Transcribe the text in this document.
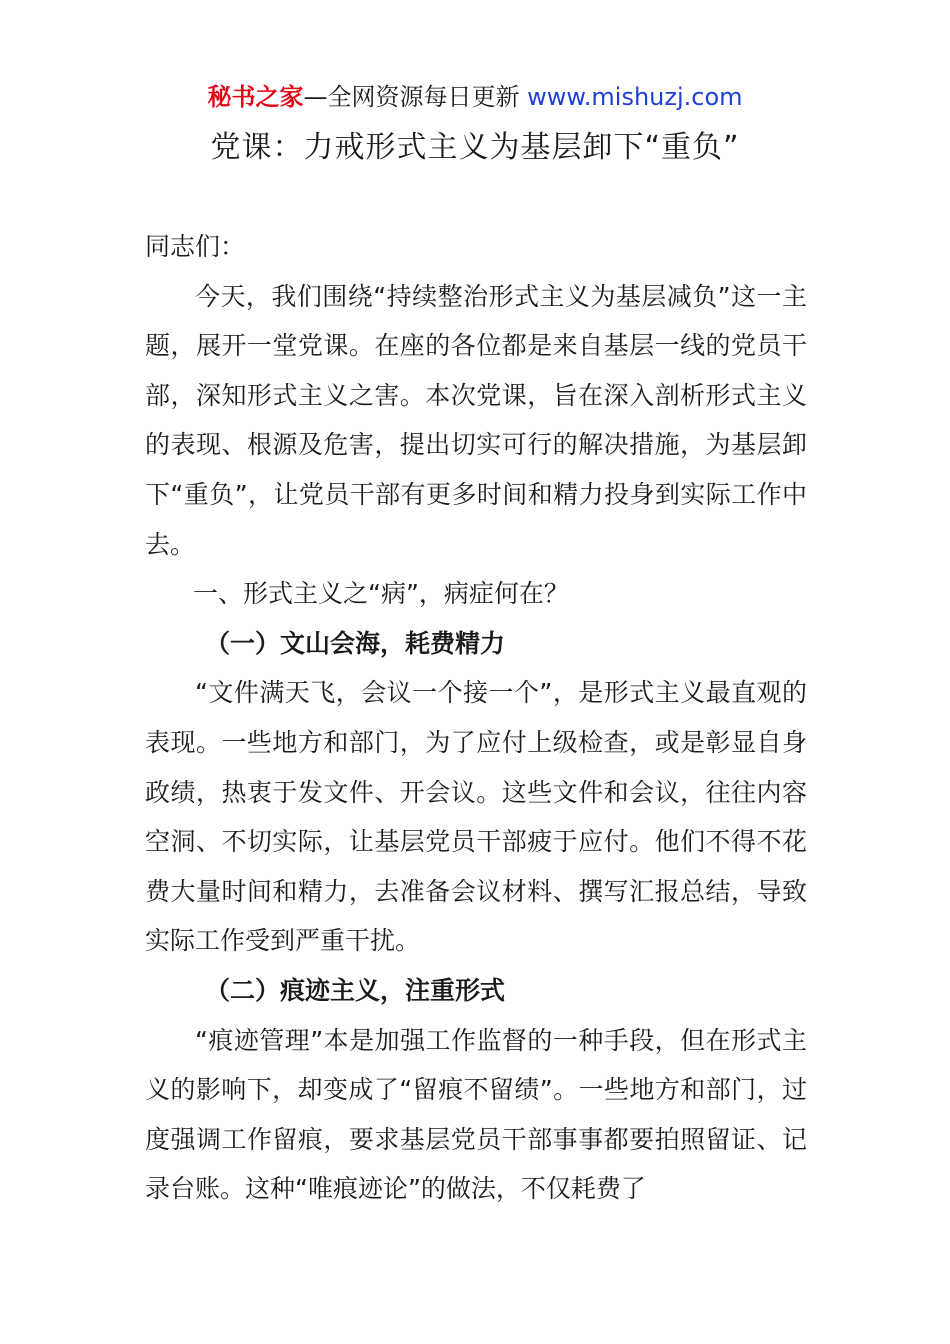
秘书之家—全网资源每日更新 www.mishuzj.com
党课：力戒形式主义为基层卸下“重负”

同志们：

今天，我们围绕“持续整治形式主义为基层减负”这一主题，展开一堂党课。在座的各位都是来自基层一线的党员干部，深知形式主义之害。本次党课，旨在深入剖析形式主义的表现、根源及危害，提出切实可行的解决措施，为基层卸下“重负”，让党员干部有更多时间和精力投身到实际工作中去。

一、形式主义之“病”，病症何在？

（一）文山会海，耗费精力

“文件满天飞，会议一个接一个”，是形式主义最直观的表现。一些地方和部门，为了应付上级检查，或是彰显自身政绩，热衷于发文件、开会议。这些文件和会议，往往内容空洞、不切实际，让基层党员干部疲于应付。他们不得不花费大量时间和精力，去准备会议材料、撰写汇报总结，导致实际工作受到严重干扰。

（二）痕迹主义，注重形式

“痕迹管理”本是加强工作监督的一种手段，但在形式主义的影响下，却变成了“留痕不留绩”。一些地方和部门，过度强调工作留痕，要求基层党员干部事事都要拍照留证、记录台账。这种“唯痕迹论”的做法，不仅耗费了
